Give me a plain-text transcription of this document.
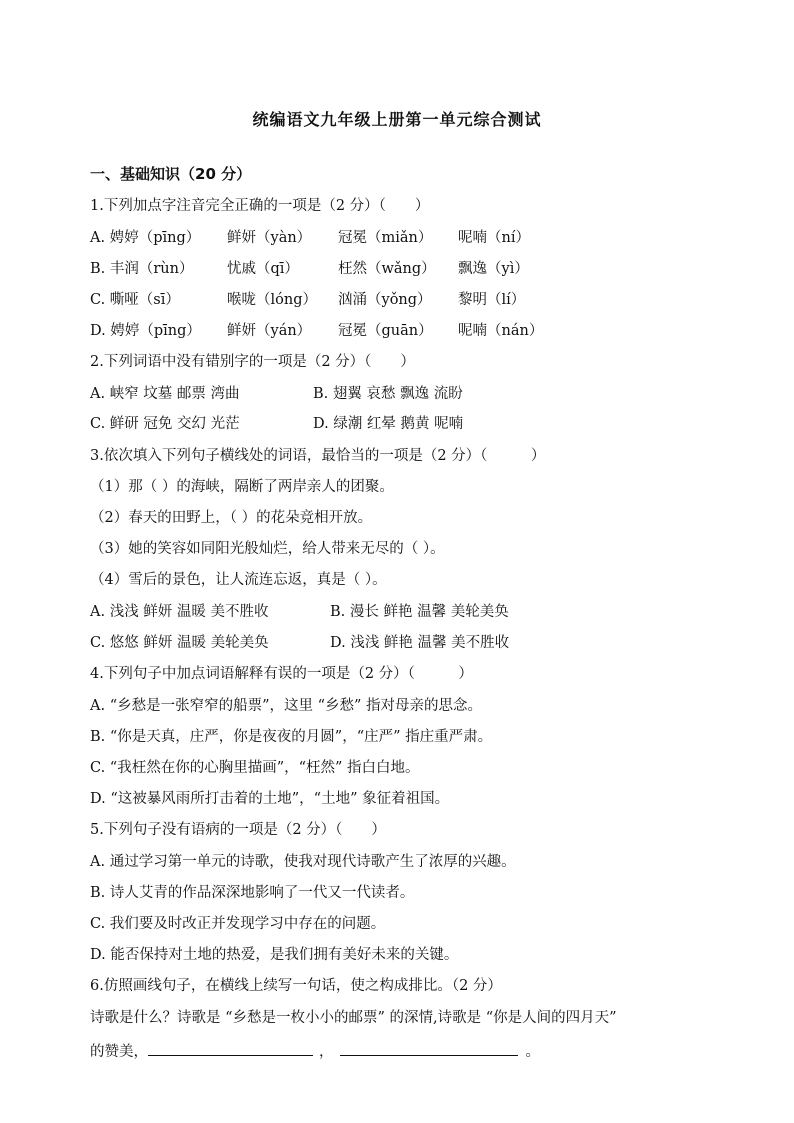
统编语文九年级上册第一单元综合测试
一、基础知识（20 分）
1.下列加点字注音完全正确的一项是（2 分）（　　）
A. 娉婷（pīng） 鲜妍（yàn） 冠冕（miǎn） 呢喃（ní）
B. 丰润（rùn） 忧戚（qī）	枉然（wǎng） 飘逸（yì）
C. 嘶哑（sī）	喉咙（lóng） 汹涌（yǒng） 黎明（lí）
D. 娉婷（pīng） 鲜妍（yán） 冠冕（guān） 呢喃（nán）
2.下列词语中没有错别字的一项是（2 分）（　　）
A. 峡窄 坟墓 邮票 湾曲	B. 翅翼 哀愁 飘逸 流盼
C. 鲜研 冠免 交幻 光茫	D. 绿潮 红晕 鹅黄 呢喃
3.依次填入下列句子横线处的词语，最恰当的一项是（2 分）（　　　）
（1）那（ ）的海峡，隔断了两岸亲人的团聚。
（2）春天的田野上，（ ）的花朵竞相开放。
（3）她的笑容如同阳光般灿烂，给人带来无尽的（ ）。
（4）雪后的景色，让人流连忘返，真是（ ）。
A. 浅浅 鲜妍 温暖 美不胜收	B. 漫长 鲜艳 温馨 美轮美奂
C. 悠悠 鲜妍 温暖 美轮美奂	D. 浅浅 鲜艳 温馨 美不胜收
4.下列句子中加点词语解释有误的一项是（2 分）（　　　）
A. “乡愁是一张窄窄的船票”，这里 “乡愁” 指对母亲的思念。
B. “你是天真，庄严，你是夜夜的月圆”，“庄严” 指庄重严肃。
C. “我枉然在你的心胸里描画”，“枉然” 指白白地。
D. “这被暴风雨所打击着的土地”，“土地” 象征着祖国。
5.下列句子没有语病的一项是（2 分）（　　）
A. 通过学习第一单元的诗歌，使我对现代诗歌产生了浓厚的兴趣。
B. 诗人艾青的作品深深地影响了一代又一代读者。
C. 我们要及时改正并发现学习中存在的问题。
D. 能否保持对土地的热爱，是我们拥有美好未来的关键。
6.仿照画线句子，在横线上续写一句话，使之构成排比。（2 分）
诗歌是什么？诗歌是 “乡愁是一枚小小的邮票” 的深情,诗歌是 “你是人间的四月天”
的赞美，	，	。
